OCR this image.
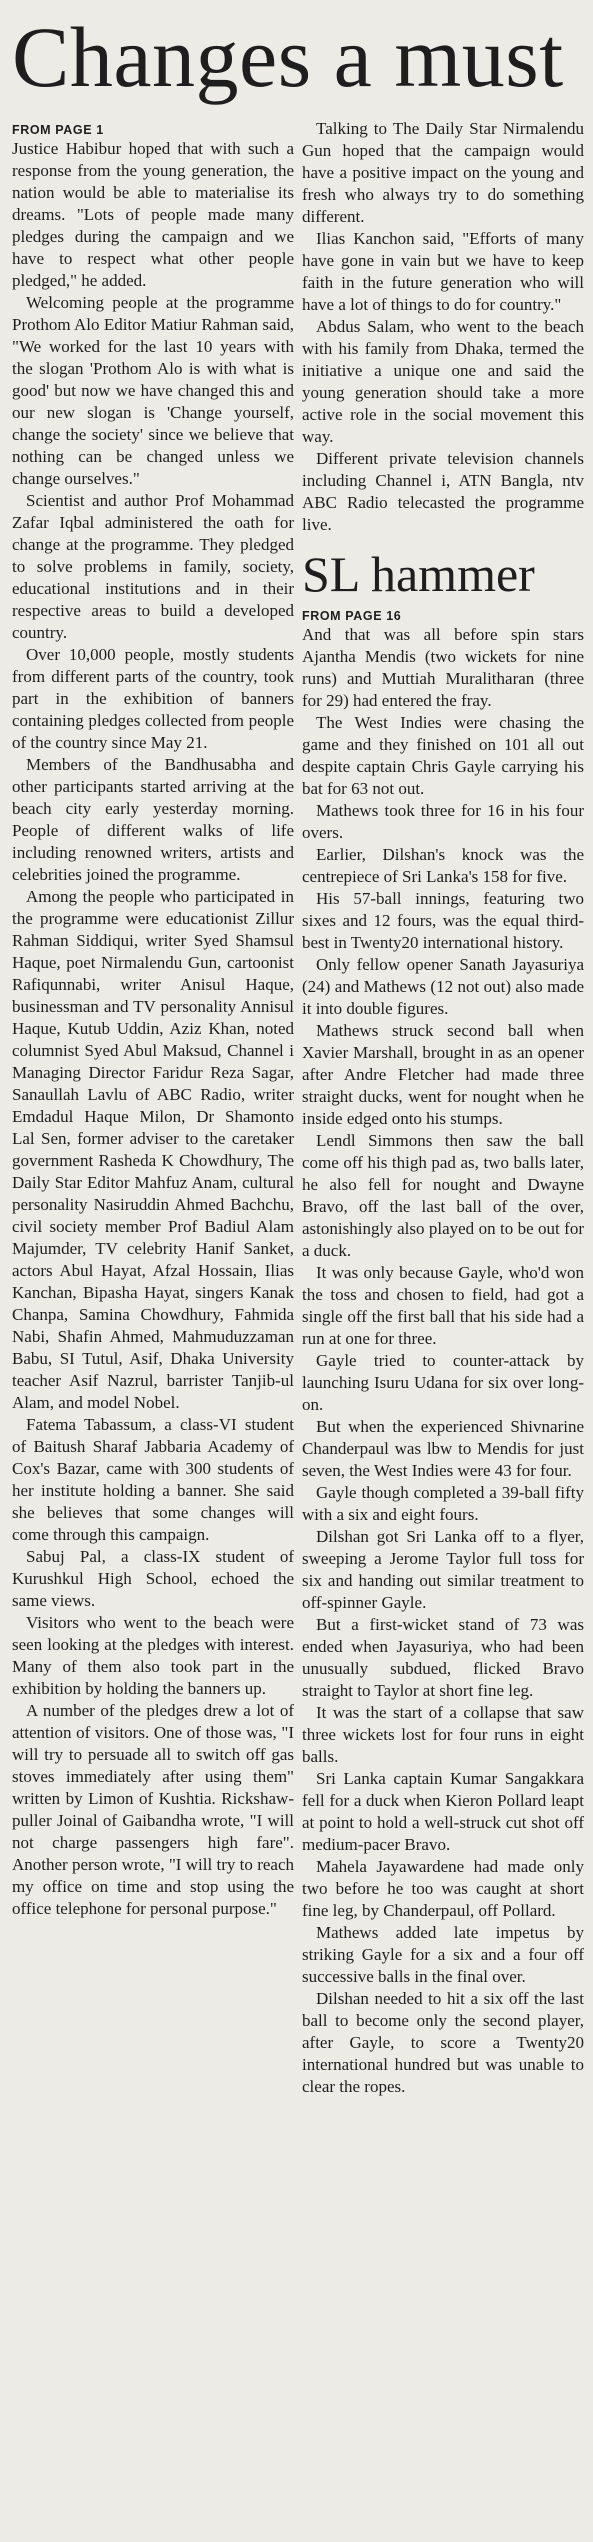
Changes a must
FROM PAGE 1

Justice Habibur hoped that with such a response from the young generation, the nation would be able to materialise its dreams. "Lots of people made many pledges during the campaign and we have to respect what other people pledged," he added.

Welcoming people at the programme Prothom Alo Editor Matiur Rahman said, "We worked for the last 10 years with the slogan 'Prothom Alo is with what is good' but now we have changed this and our new slogan is 'Change yourself, change the society' since we believe that nothing can be changed unless we change ourselves."

Scientist and author Prof Mohammad Zafar Iqbal administered the oath for change at the programme. They pledged to solve problems in family, society, educational institutions and in their respective areas to build a developed country.

Over 10,000 people, mostly students from different parts of the country, took part in the exhibition of banners containing pledges collected from people of the country since May 21.

Members of the Bandhusabha and other participants started arriving at the beach city early yesterday morning. People of different walks of life including renowned writers, artists and celebrities joined the programme.

Among the people who participated in the programme were educationist Zillur Rahman Siddiqui, writer Syed Shamsul Haque, poet Nirmalendu Gun, cartoonist Rafiqunnabi, writer Anisul Haque, businessman and TV personality Annisul Haque, Kutub Uddin, Aziz Khan, noted columnist Syed Abul Maksud, Channel i Managing Director Faridur Reza Sagar, Sanaullah Lavlu of ABC Radio, writer Emdadul Haque Milon, Dr Shamonto Lal Sen, former adviser to the caretaker government Rasheda K Chowdhury, The Daily Star Editor Mahfuz Anam, cultural personality Nasiruddin Ahmed Bachchu, civil society member Prof Badiul Alam Majumder, TV celebrity Hanif Sanket, actors Abul Hayat, Afzal Hossain, Ilias Kanchan, Bipasha Hayat, singers Kanak Chanpa, Samina Chowdhury, Fahmida Nabi, Shafin Ahmed, Mahmuduzzaman Babu, SI Tutul, Asif, Dhaka University teacher Asif Nazrul, barrister Tanjib-ul Alam, and model Nobel.

Fatema Tabassum, a class-VI student of Baitush Sharaf Jabbaria Academy of Cox's Bazar, came with 300 students of her institute holding a banner. She said she believes that some changes will come through this campaign.

Sabuj Pal, a class-IX student of Kurushkul High School, echoed the same views.

Visitors who went to the beach were seen looking at the pledges with interest. Many of them also took part in the exhibition by holding the banners up.

A number of the pledges drew a lot of attention of visitors. One of those was, "I will try to persuade all to switch off gas stoves immediately after using them" written by Limon of Kushtia. Rickshaw-puller Joinal of Gaibandha wrote, "I will not charge passengers high fare". Another person wrote, "I will try to reach my office on time and stop using the office telephone for personal purpose."

Talking to The Daily Star Nirmalendu Gun hoped that the campaign would have a positive impact on the young and fresh who always try to do something different.

Ilias Kanchon said, "Efforts of many have gone in vain but we have to keep faith in the future generation who will have a lot of things to do for country."

Abdus Salam, who went to the beach with his family from Dhaka, termed the initiative a unique one and said the young generation should take a more active role in the social movement this way.

Different private television channels including Channel i, ATN Bangla, ntv ABC Radio telecasted the programme live.

SL hammer
FROM PAGE 16

And that was all before spin stars Ajantha Mendis (two wickets for nine runs) and Muttiah Muralitharan (three for 29) had entered the fray.

The West Indies were chasing the game and they finished on 101 all out despite captain Chris Gayle carrying his bat for 63 not out.

Mathews took three for 16 in his four overs.

Earlier, Dilshan's knock was the centrepiece of Sri Lanka's 158 for five.

His 57-ball innings, featuring two sixes and 12 fours, was the equal third-best in Twenty20 international history.

Only fellow opener Sanath Jayasuriya (24) and Mathews (12 not out) also made it into double figures.

Mathews struck second ball when Xavier Marshall, brought in as an opener after Andre Fletcher had made three straight ducks, went for nought when he inside edged onto his stumps.

Lendl Simmons then saw the ball come off his thigh pad as, two balls later, he also fell for nought and Dwayne Bravo, off the last ball of the over, astonishingly also played on to be out for a duck.

It was only because Gayle, who'd won the toss and chosen to field, had got a single off the first ball that his side had a run at one for three.

Gayle tried to counter-attack by launching Isuru Udana for six over long-on.

But when the experienced Shivnarine Chanderpaul was lbw to Mendis for just seven, the West Indies were 43 for four.

Gayle though completed a 39-ball fifty with a six and eight fours.

Dilshan got Sri Lanka off to a flyer, sweeping a Jerome Taylor full toss for six and handing out similar treatment to off-spinner Gayle.

But a first-wicket stand of 73 was ended when Jayasuriya, who had been unusually subdued, flicked Bravo straight to Taylor at short fine leg.

It was the start of a collapse that saw three wickets lost for four runs in eight balls.

Sri Lanka captain Kumar Sangakkara fell for a duck when Kieron Pollard leapt at point to hold a well-struck cut shot off medium-pacer Bravo.

Mahela Jayawardene had made only two before he too was caught at short fine leg, by Chanderpaul, off Pollard.

Mathews added late impetus by striking Gayle for a six and a four off successive balls in the final over.

Dilshan needed to hit a six off the last ball to become only the second player, after Gayle, to score a Twenty20 international hundred but was unable to clear the ropes.
